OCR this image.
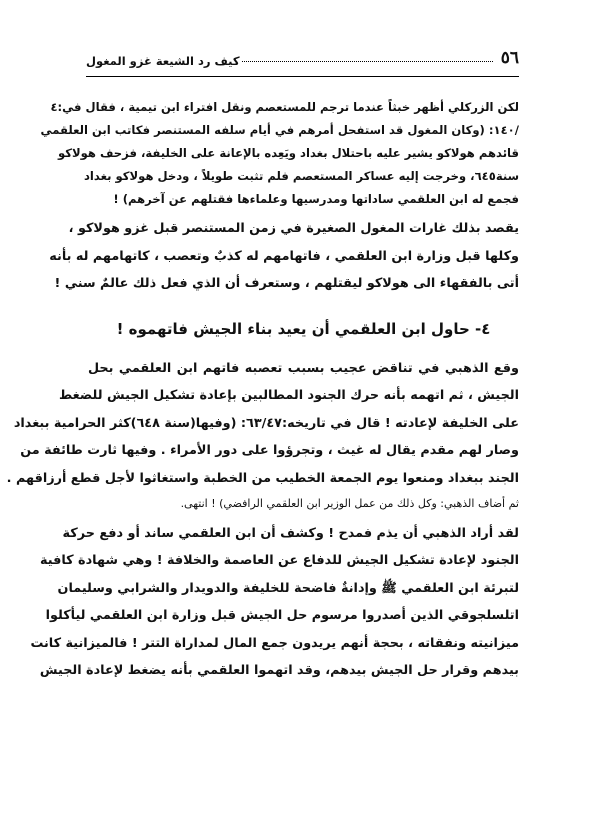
٥٦
كيف رد الشيعة غزو المغول
لكن الزركلي أظهر خبثاً عندما ترجم للمستعصم ونقل افتراء ابن تيمية ، فقال في:٤
/١٤٠: (وكان المغول قد استفحل أمرهم في أيام سلفه المستنصر فكاتب ابن العلقمي
قائدهم هولاكو يشير عليه باحتلال بغداد ويَعِده بالإعانة على الخليفة، فزحف هولاكو
سنة٦٤٥، وخرجت إليه عساكر المستعصم فلم تثبت طويلاً ، ودخل هولاكو بغداد
فجمع له ابن العلقمي ساداتها ومدرسيها وعلماءها فقتلهم عن آخرهم) !
يقصد بذلك غارات المغول الصغيرة في زمن المستنصر قبل غزو هولاكو ،
وكلها قبل وزارة ابن العلقمي ، فاتهامهم له كذبٌ وتعصب ، كاتهامهم له بأنه
أتى بالفقهاء الى هولاكو ليقتلهم ، وستعرف أن الذي فعل ذلك عالمٌ سني !
٤- حاول ابن العلقمي أن يعيد بناء الجيش فاتهموه !
وقع الذهبي في تناقض عجيب بسبب تعصبه فاتهم ابن العلقمي بحل
الجيش ، ثم اتهمه بأنه حرك الجنود المطالبين بإعادة تشكيل الجيش للضغط
على الخليفة لإعادته ! قال في تاريخه:٦٣/٤٧: (وفيها(سنة ٦٤٨)كثر الحرامية ببغداد
وصار لهم مقدم يقال له غيث ، وتجرؤوا على دور الأمراء . وفيها ثارت طائفة من
الجند ببغداد ومنعوا يوم الجمعة الخطيب من الخطبة واستغاثوا لأجل قطع أرزاقهم .
ثم أضاف الذهبي: وكل ذلك من عمل الوزير ابن العلقمي الرافضي) ! انتهى.
لقد أراد الذهبي أن يذم فمدح ! وكشف أن ابن العلقمي ساند أو دفع حركة
الجنود لإعادة تشكيل الجيش للدفاع عن العاصمة والخلافة ! وهي شهادة كافية
لتبرئة ابن العلقمي ﷺ وإدانةٌ فاضحة للخليفة والدويدار والشرابي وسليمان
اتلسلجوقي الذين أصدروا مرسوم حل الجيش قبل وزارة ابن العلقمي ليأكلوا
ميزانيته ونفقاته ، بحجة أنهم يريدون جمع المال لمداراة التتر ! فالميزانية كانت
بيدهم وقرار حل الجيش بيدهم، وقد اتهموا العلقمي بأنه يضغط لإعادة الجيش
